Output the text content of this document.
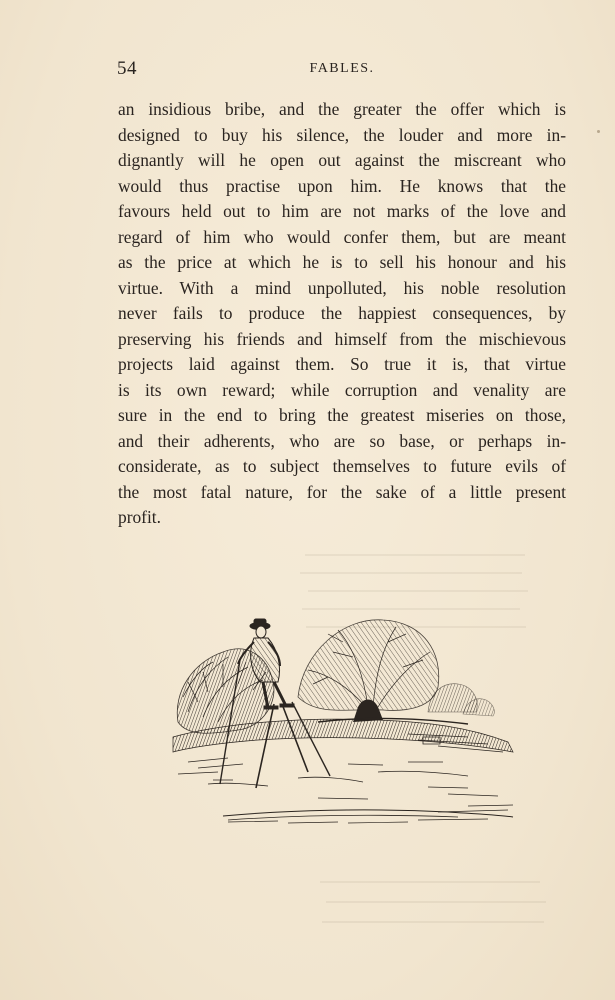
54	FABLES.
an insidious bribe, and the greater the offer which is
designed to buy his silence, the louder and more in-
dignantly will he open out against the miscreant who
would thus practise upon him. He knows that the
favours held out to him are not marks of the love and
regard of him who would confer them, but are meant
as the price at which he is to sell his honour and his
virtue. With a mind unpolluted, his noble resolution
never fails to produce the happiest consequences, by
preserving his friends and himself from the mischievous
projects laid against them. So true it is, that virtue
is its own reward; while corruption and venality are
sure in the end to bring the greatest miseries on those,
and their adherents, who are so base, or perhaps in-
considerate, as to subject themselves to future evils of
the most fatal nature, for the sake of a little present
profit.
